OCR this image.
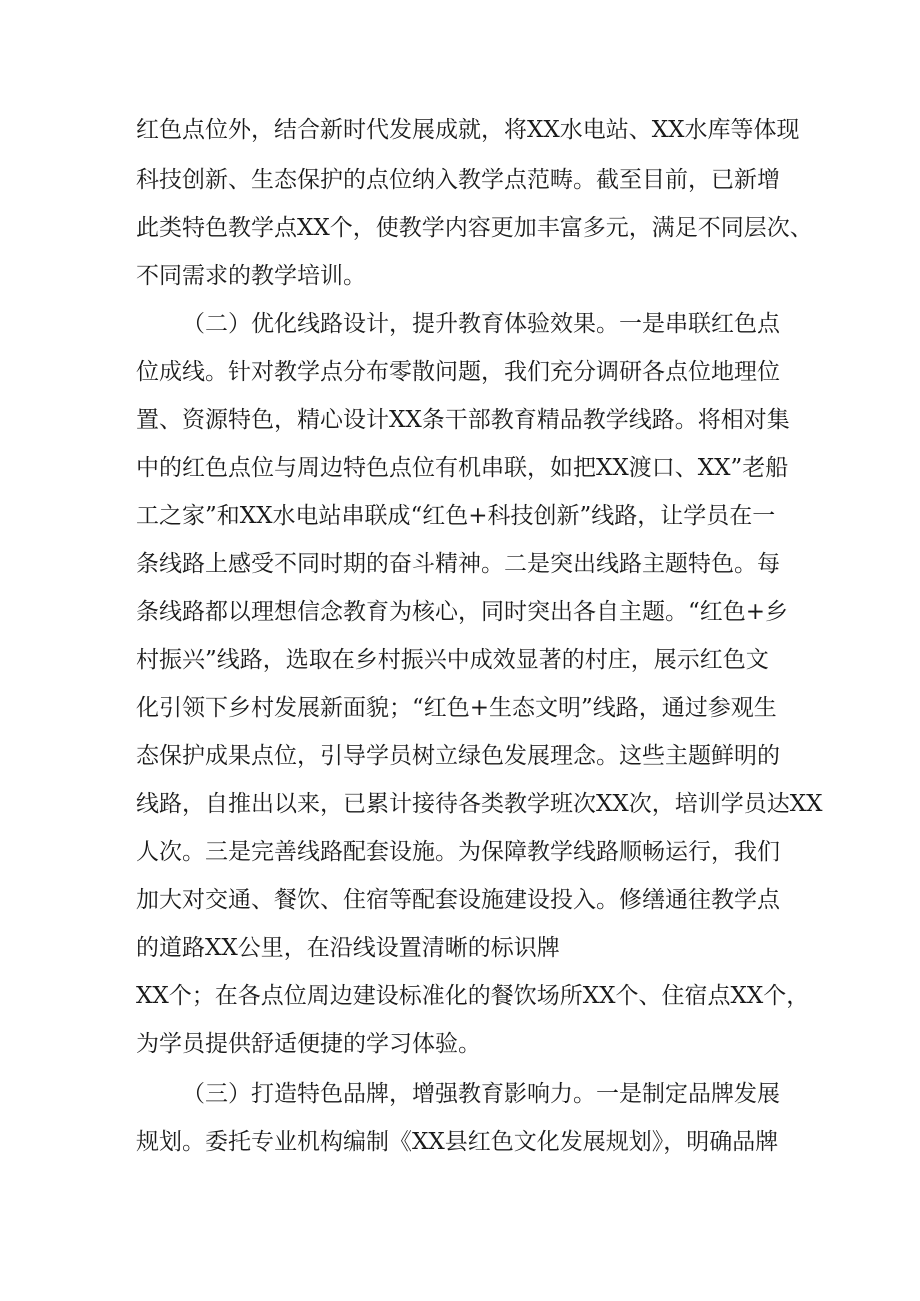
红色点位外，结合新时代发展成就，将XX水电站、XX水库等体现
科技创新、生态保护的点位纳入教学点范畴。截至目前，已新增
此类特色教学点XX个，使教学内容更加丰富多元，满足不同层次、
不同需求的教学培训。
（二）优化线路设计，提升教育体验效果。一是串联红色点
位成线。针对教学点分布零散问题，我们充分调研各点位地理位
置、资源特色，精心设计XX条干部教育精品教学线路。将相对集
中的红色点位与周边特色点位有机串联，如把XX渡口、XX”老船
工之家”和XX水电站串联成“红色+科技创新”线路，让学员在一
条线路上感受不同时期的奋斗精神。二是突出线路主题特色。每
条线路都以理想信念教育为核心，同时突出各自主题。“红色+乡
村振兴”线路，选取在乡村振兴中成效显著的村庄，展示红色文
化引领下乡村发展新面貌；“红色+生态文明”线路，通过参观生
态保护成果点位，引导学员树立绿色发展理念。这些主题鲜明的
线路，自推出以来，已累计接待各类教学班次XX次，培训学员达XX
人次。三是完善线路配套设施。为保障教学线路顺畅运行，我们
加大对交通、餐饮、住宿等配套设施建设投入。修缮通往教学点
的道路XX公里，在沿线设置清晰的标识牌
XX个；在各点位周边建设标准化的餐饮场所XX个、住宿点XX个，
为学员提供舒适便捷的学习体验。
（三）打造特色品牌，增强教育影响力。一是制定品牌发展
规划。委托专业机构编制《XX县红色文化发展规划》，明确品牌
